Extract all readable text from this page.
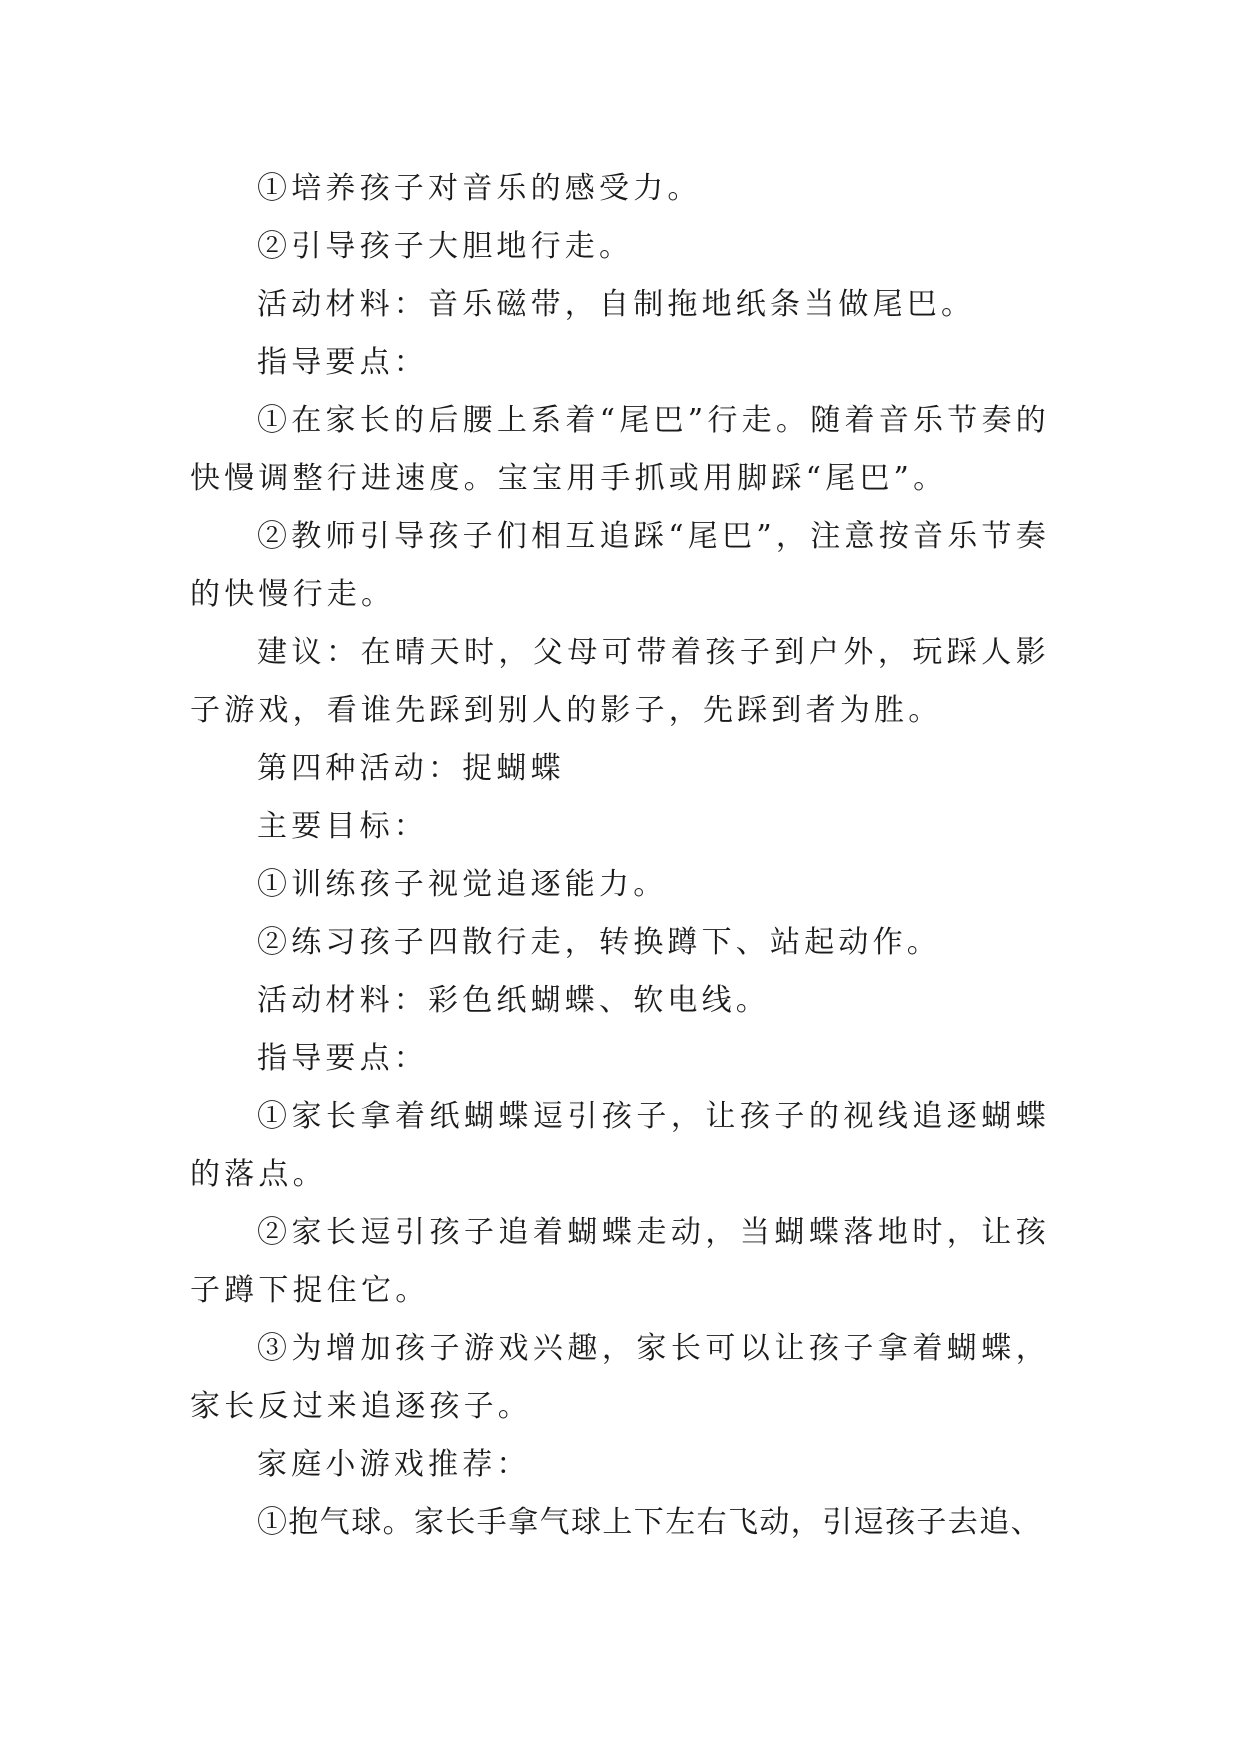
①培养孩子对音乐的感受力。

②引导孩子大胆地行走。

活动材料：音乐磁带，自制拖地纸条当做尾巴。

指导要点：

①在家长的后腰上系着“尾巴”行走。随着音乐节奏的快慢调整行进速度。宝宝用手抓或用脚踩“尾巴”。

②教师引导孩子们相互追踩“尾巴”，注意按音乐节奏的快慢行走。

建议：在晴天时，父母可带着孩子到户外，玩踩人影子游戏，看谁先踩到别人的影子，先踩到者为胜。

第四种活动：捉蝴蝶

主要目标：

①训练孩子视觉追逐能力。

②练习孩子四散行走，转换蹲下、站起动作。

活动材料：彩色纸蝴蝶、软电线。

指导要点：

①家长拿着纸蝴蝶逗引孩子，让孩子的视线追逐蝴蝶的落点。

②家长逗引孩子追着蝴蝶走动，当蝴蝶落地时，让孩子蹲下捉住它。

③为增加孩子游戏兴趣，家长可以让孩子拿着蝴蝶，家长反过来追逐孩子。

家庭小游戏推荐：

①抱气球。家长手拿气球上下左右飞动，引逗孩子去追、
